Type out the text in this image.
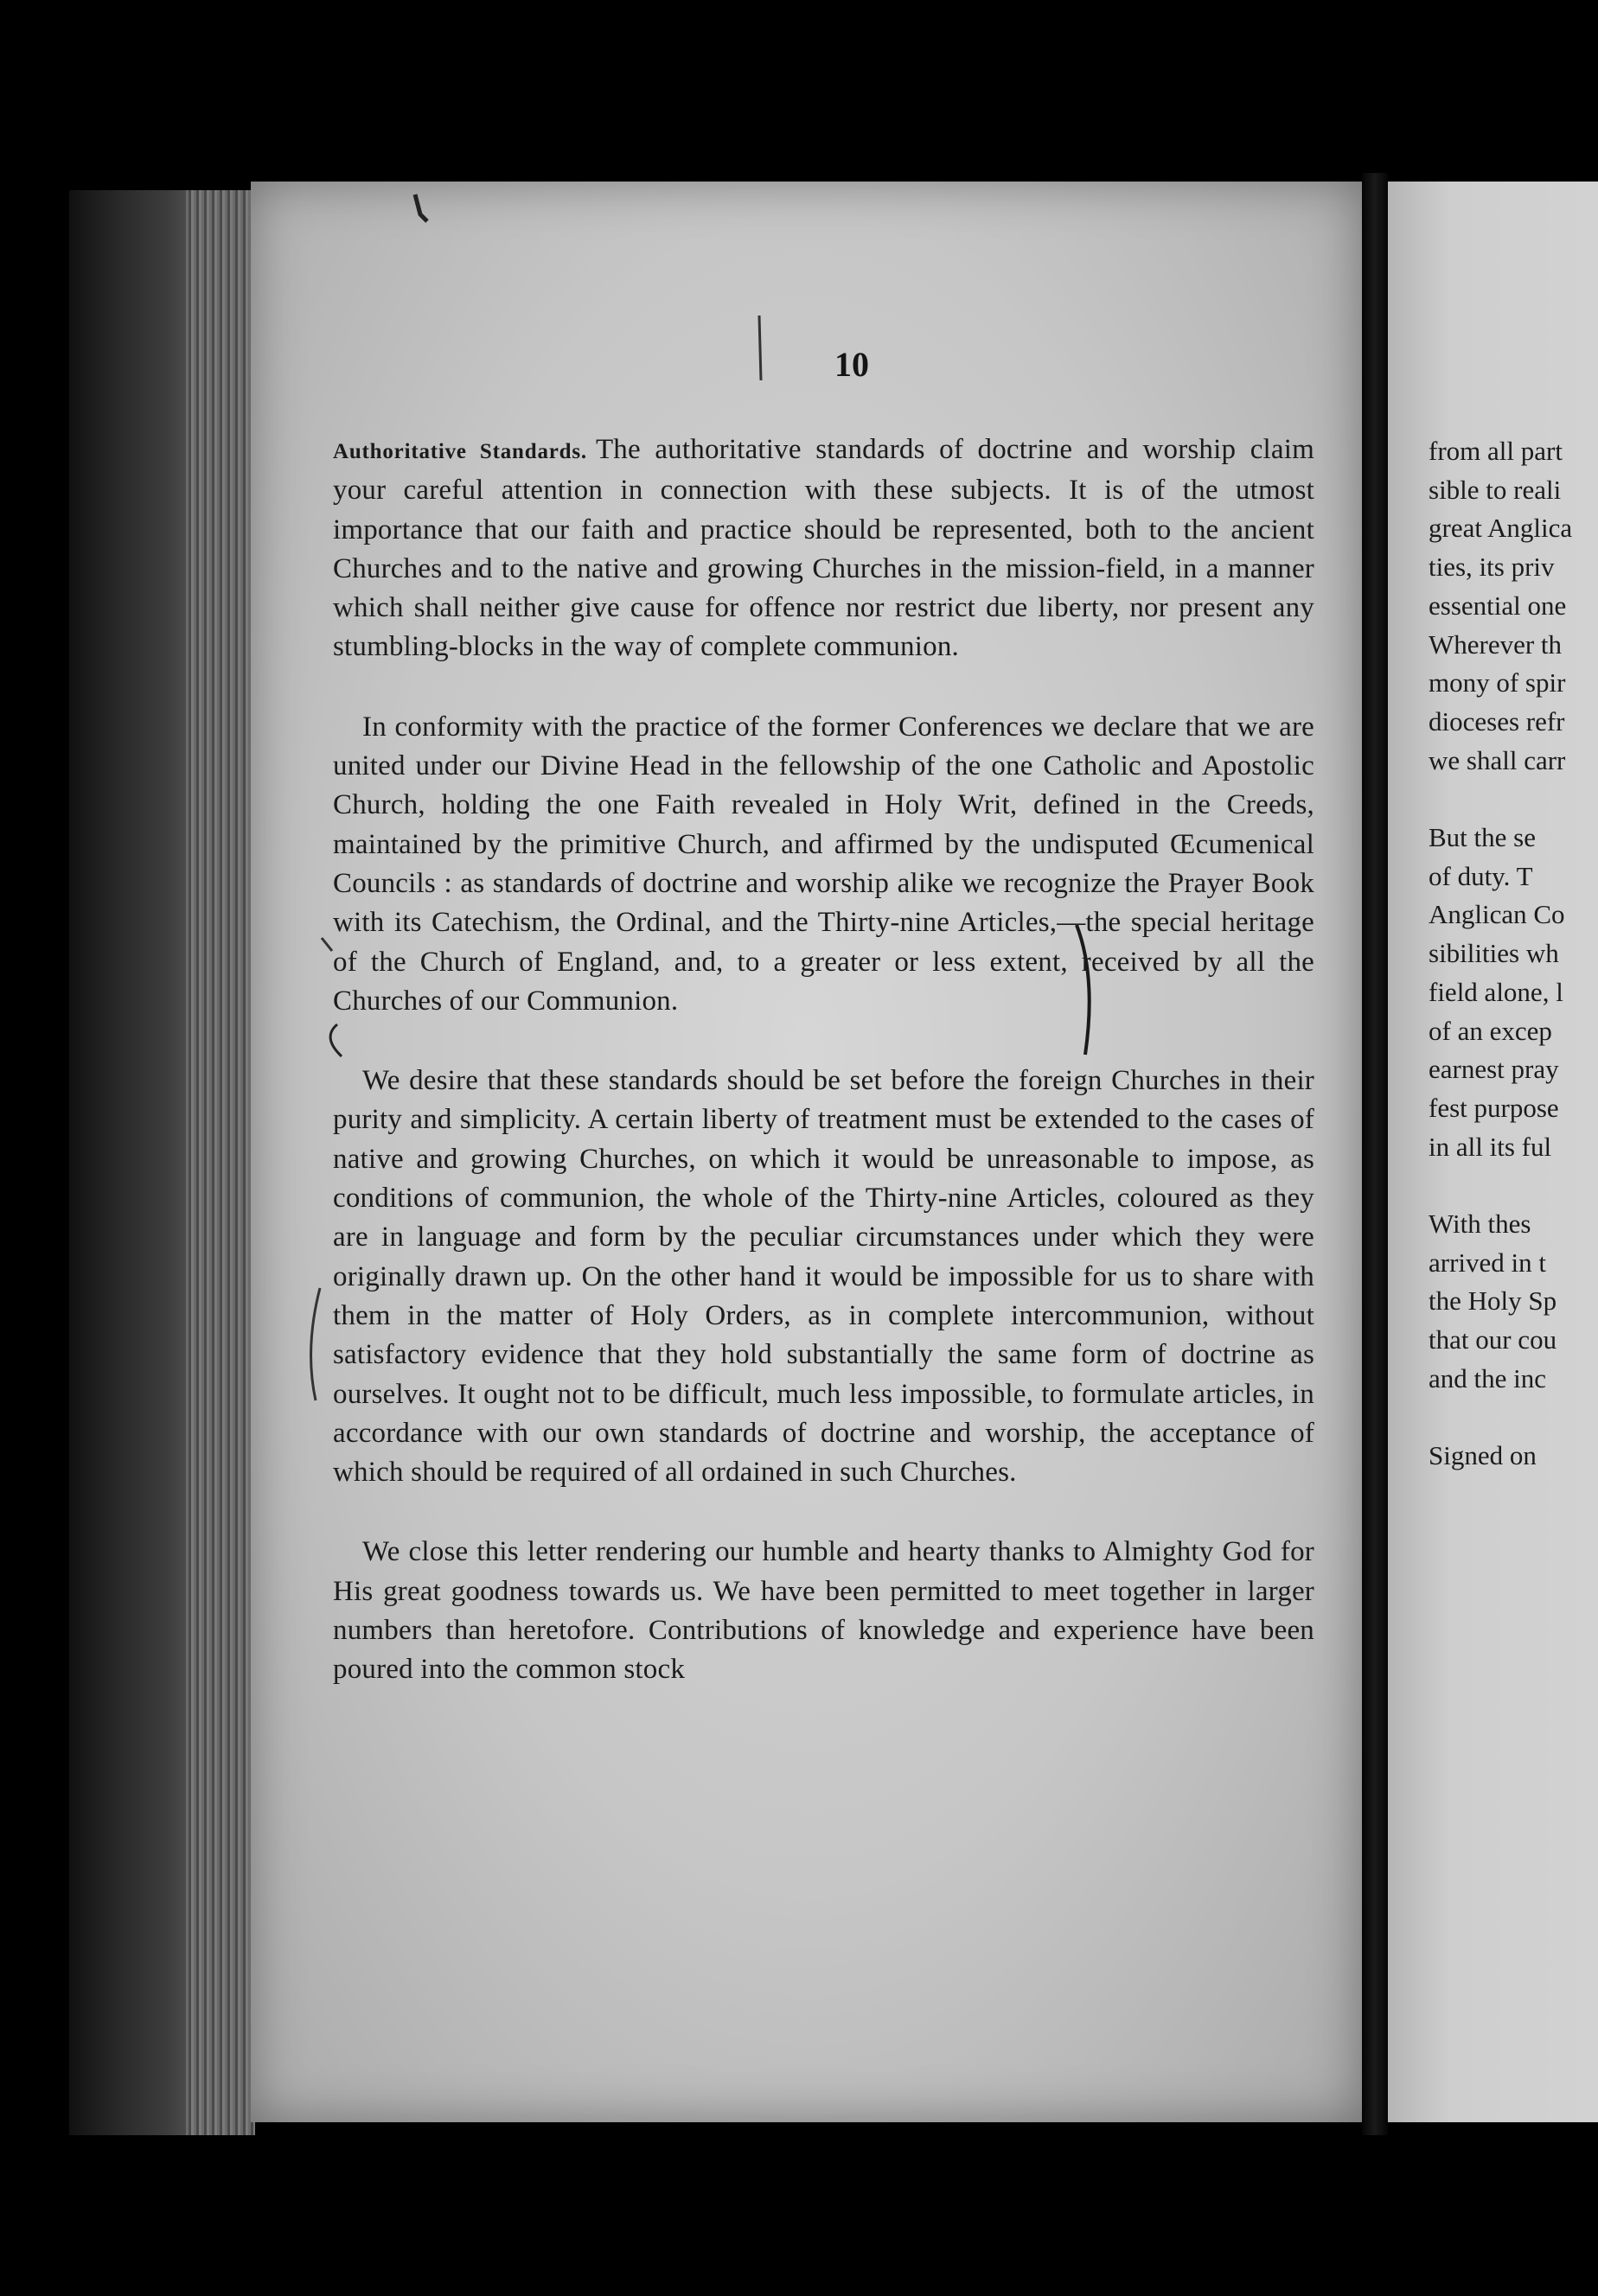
10

Authoritative Standards. The authoritative standards of doctrine and worship claim your careful attention in connection with these subjects. It is of the utmost importance that our faith and practice should be represented, both to the ancient Churches and to the native and growing Churches in the mission-field, in a manner which shall neither give cause for offence nor restrict due liberty, nor present any stumbling-blocks in the way of complete communion.

In conformity with the practice of the former Conferences we declare that we are united under our Divine Head in the fellowship of the one Catholic and Apostolic Church, holding the one Faith revealed in Holy Writ, defined in the Creeds, maintained by the primitive Church, and affirmed by the undisputed Œcumenical Councils : as standards of doctrine and worship alike we recognize the Prayer Book with its Catechism, the Ordinal, and the Thirty-nine Articles,—the special heritage of the Church of England, and, to a greater or less extent, received by all the Churches of our Communion.

We desire that these standards should be set before the foreign Churches in their purity and simplicity. A certain liberty of treatment must be extended to the cases of native and growing Churches, on which it would be unreasonable to impose, as conditions of communion, the whole of the Thirty-nine Articles, coloured as they are in language and form by the peculiar circumstances under which they were originally drawn up. On the other hand it would be impossible for us to share with them in the matter of Holy Orders, as in complete intercommunion, without satisfactory evidence that they hold substantially the same form of doctrine as ourselves. It ought not to be difficult, much less impossible, to formulate articles, in accordance with our own standards of doctrine and worship, the acceptance of which should be required of all ordained in such Churches.

We close this letter rendering our humble and hearty thanks to Almighty God for His great goodness towards us. We have been permitted to meet together in larger numbers than heretofore. Contributions of knowledge and experience have been poured into the common stock

from all part
sible to reali
great Anglica
ties, its priv
essential one
Wherever th
mony of spir
dioceses refr
we shall carr
But the se
of duty. T
Anglican Co
sibilities wh
field alone, l
of an excep
earnest pray
fest purpose
in all its ful
With thes
arrived in t
the Holy Sp
that our cou
and the inc
Signed on
